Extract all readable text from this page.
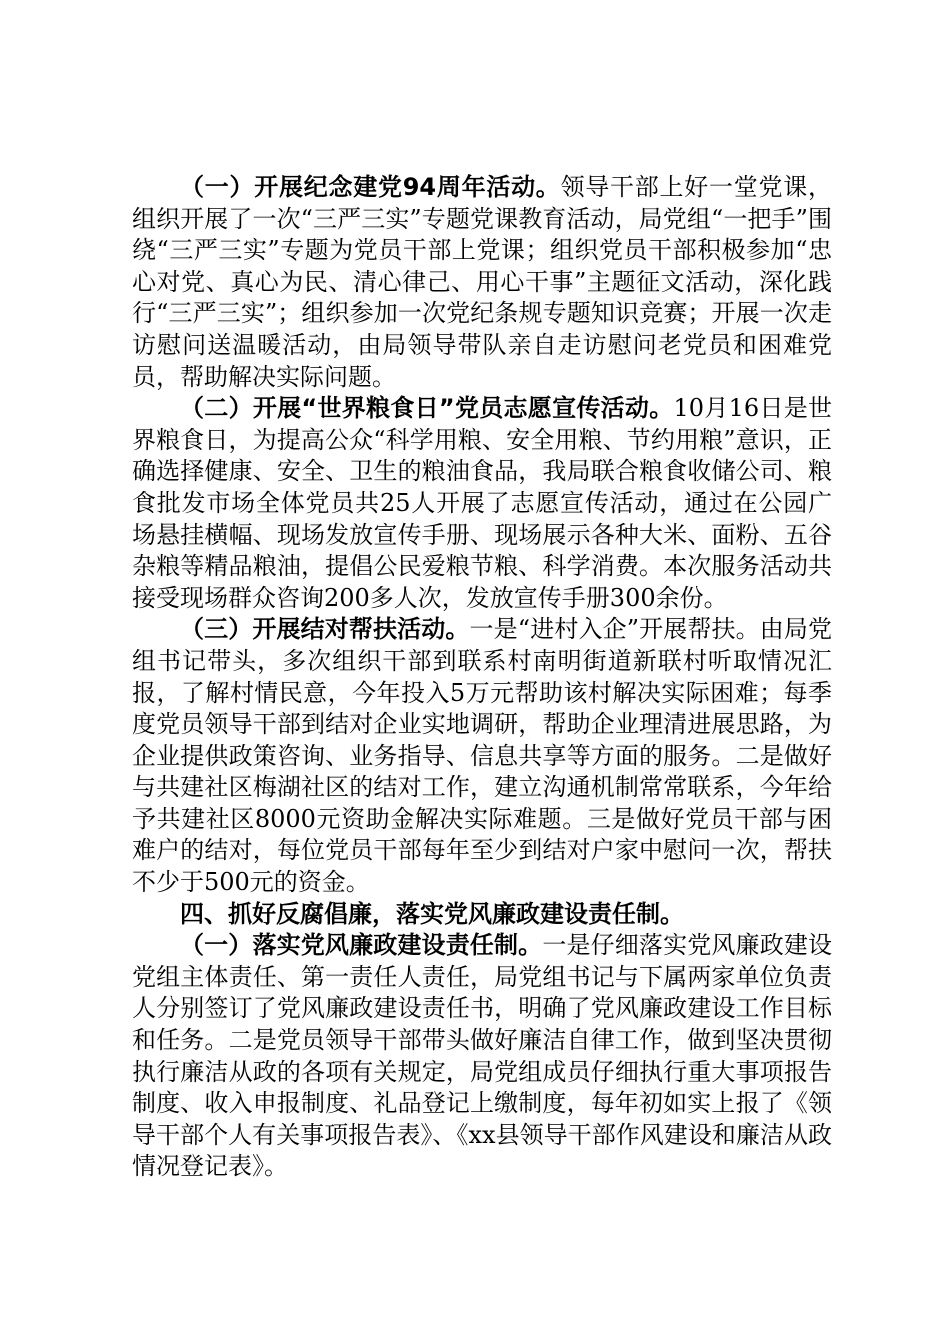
（一）开展纪念建党94周年活动。领导干部上好一堂党课，组织开展了一次“三严三实”专题党课教育活动，局党组“一把手”围绕“三严三实”专题为党员干部上党课；组织党员干部积极参加“忠心对党、真心为民、清心律己、用心干事”主题征文活动，深化践行“三严三实”；组织参加一次党纪条规专题知识竞赛；开展一次走访慰问送温暖活动，由局领导带队亲自走访慰问老党员和困难党员，帮助解决实际问题。

（二）开展“世界粮食日”党员志愿宣传活动。10月16日是世界粮食日，为提高公众“科学用粮、安全用粮、节约用粮”意识，正确选择健康、安全、卫生的粮油食品，我局联合粮食收储公司、粮食批发市场全体党员共25人开展了志愿宣传活动，通过在公园广场悬挂横幅、现场发放宣传手册、现场展示各种大米、面粉、五谷杂粮等精品粮油，提倡公民爱粮节粮、科学消费。本次服务活动共接受现场群众咨询200多人次，发放宣传手册300余份。

（三）开展结对帮扶活动。一是“进村入企”开展帮扶。由局党组书记带头，多次组织干部到联系村南明街道新联村听取情况汇报，了解村情民意，今年投入5万元帮助该村解决实际困难；每季度党员领导干部到结对企业实地调研，帮助企业理清进展思路，为企业提供政策咨询、业务指导、信息共享等方面的服务。二是做好与共建社区梅湖社区的结对工作，建立沟通机制常常联系，今年给予共建社区8000元资助金解决实际难题。三是做好党员干部与困难户的结对，每位党员干部每年至少到结对户家中慰问一次，帮扶不少于500元的资金。

四、抓好反腐倡廉，落实党风廉政建设责任制。

（一）落实党风廉政建设责任制。一是仔细落实党风廉政建设党组主体责任、第一责任人责任，局党组书记与下属两家单位负责人分别签订了党风廉政建设责任书，明确了党风廉政建设工作目标和任务。二是党员领导干部带头做好廉洁自律工作，做到坚决贯彻执行廉洁从政的各项有关规定，局党组成员仔细执行重大事项报告制度、收入申报制度、礼品登记上缴制度，每年初如实上报了《领导干部个人有关事项报告表》、《xx县领导干部作风建设和廉洁从政情况登记表》。
